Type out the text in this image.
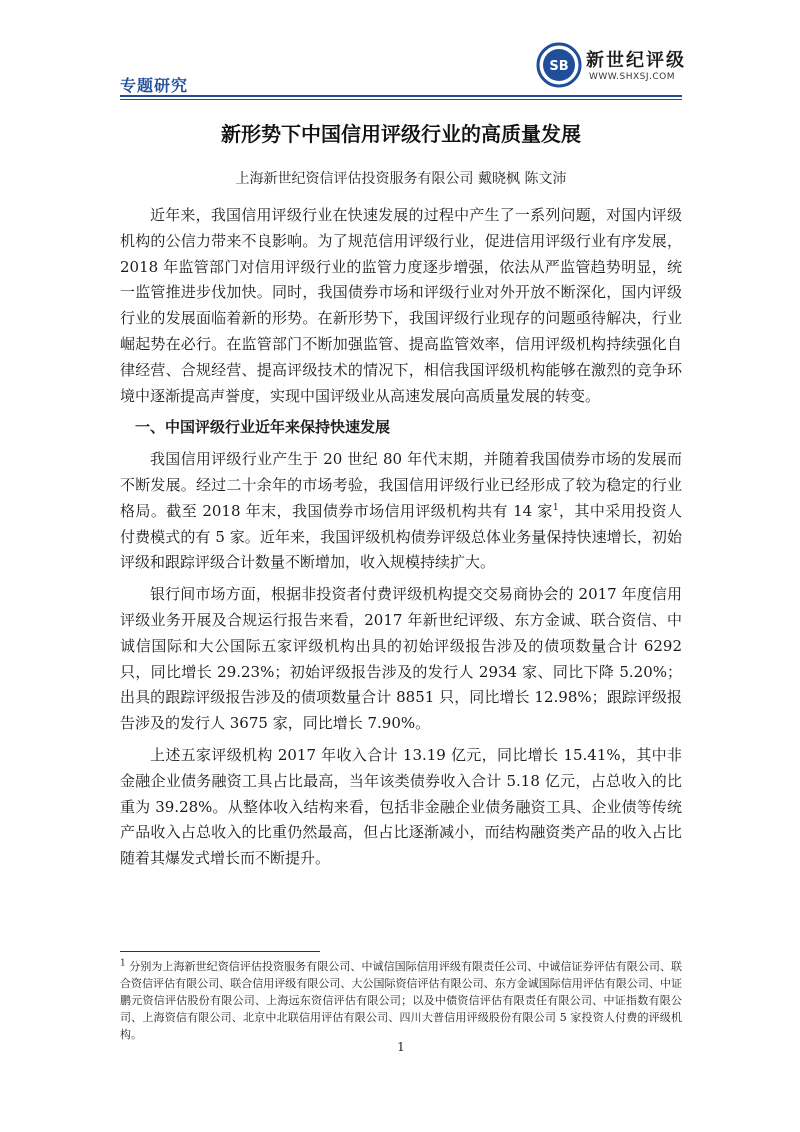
专题研究
SB 新世纪评级
WWW.SHXSJ.COM
新形势下中国信用评级行业的高质量发展
上海新世纪资信评估投资服务有限公司 戴晓枫 陈文沛

近年来，我国信用评级行业在快速发展的过程中产生了一系列问题，对国内评级机构的公信力带来不良影响。为了规范信用评级行业，促进信用评级行业有序发展，2018 年监管部门对信用评级行业的监管力度逐步增强，依法从严监管趋势明显，统一监管推进步伐加快。同时，我国债券市场和评级行业对外开放不断深化，国内评级行业的发展面临着新的形势。在新形势下，我国评级行业现存的问题亟待解决，行业崛起势在必行。在监管部门不断加强监管、提高监管效率，信用评级机构持续强化自律经营、合规经营、提高评级技术的情况下，相信我国评级机构能够在激烈的竞争环境中逐渐提高声誉度，实现中国评级业从高速发展向高质量发展的转变。

一、中国评级行业近年来保持快速发展

我国信用评级行业产生于 20 世纪 80 年代末期，并随着我国债券市场的发展而不断发展。经过二十余年的市场考验，我国信用评级行业已经形成了较为稳定的行业格局。截至 2018 年末，我国债券市场信用评级机构共有 14 家$^1$，其中采用投资人付费模式的有 5 家。近年来，我国评级机构债券评级总体业务量保持快速增长，初始评级和跟踪评级合计数量不断增加，收入规模持续扩大。

银行间市场方面，根据非投资者付费评级机构提交交易商协会的 2017 年度信用评级业务开展及合规运行报告来看，2017 年新世纪评级、东方金诚、联合资信、中诚信国际和大公国际五家评级机构出具的初始评级报告涉及的债项数量合计 6292 只，同比增长 29.23%；初始评级报告涉及的发行人 2934 家、同比下降 5.20%；出具的跟踪评级报告涉及的债项数量合计 8851 只，同比增长 12.98%；跟踪评级报告涉及的发行人 3675 家，同比增长 7.90%。

上述五家评级机构 2017 年收入合计 13.19 亿元，同比增长 15.41%，其中非金融企业债务融资工具占比最高，当年该类债券收入合计 5.18 亿元，占总收入的比重为 39.28%。从整体收入结构来看，包括非金融企业债务融资工具、企业债等传统产品收入占总收入的比重仍然最高，但占比逐渐减小，而结构融资类产品的收入占比随着其爆发式增长而不断提升。

$^1$ 分别为上海新世纪资信评估投资服务有限公司、中诚信国际信用评级有限责任公司、中诚信证券评估有限公司、联合资信评估有限公司、联合信用评级有限公司、大公国际资信评估有限公司、东方金诚国际信用评估有限公司、中证鹏元资信评估股份有限公司、上海远东资信评估有限公司；以及中债资信评估有限责任有限公司、中证指数有限公司、上海资信有限公司、北京中北联信用评估有限公司、四川大普信用评级股份有限公司 5 家投资人付费的评级机构。
1
